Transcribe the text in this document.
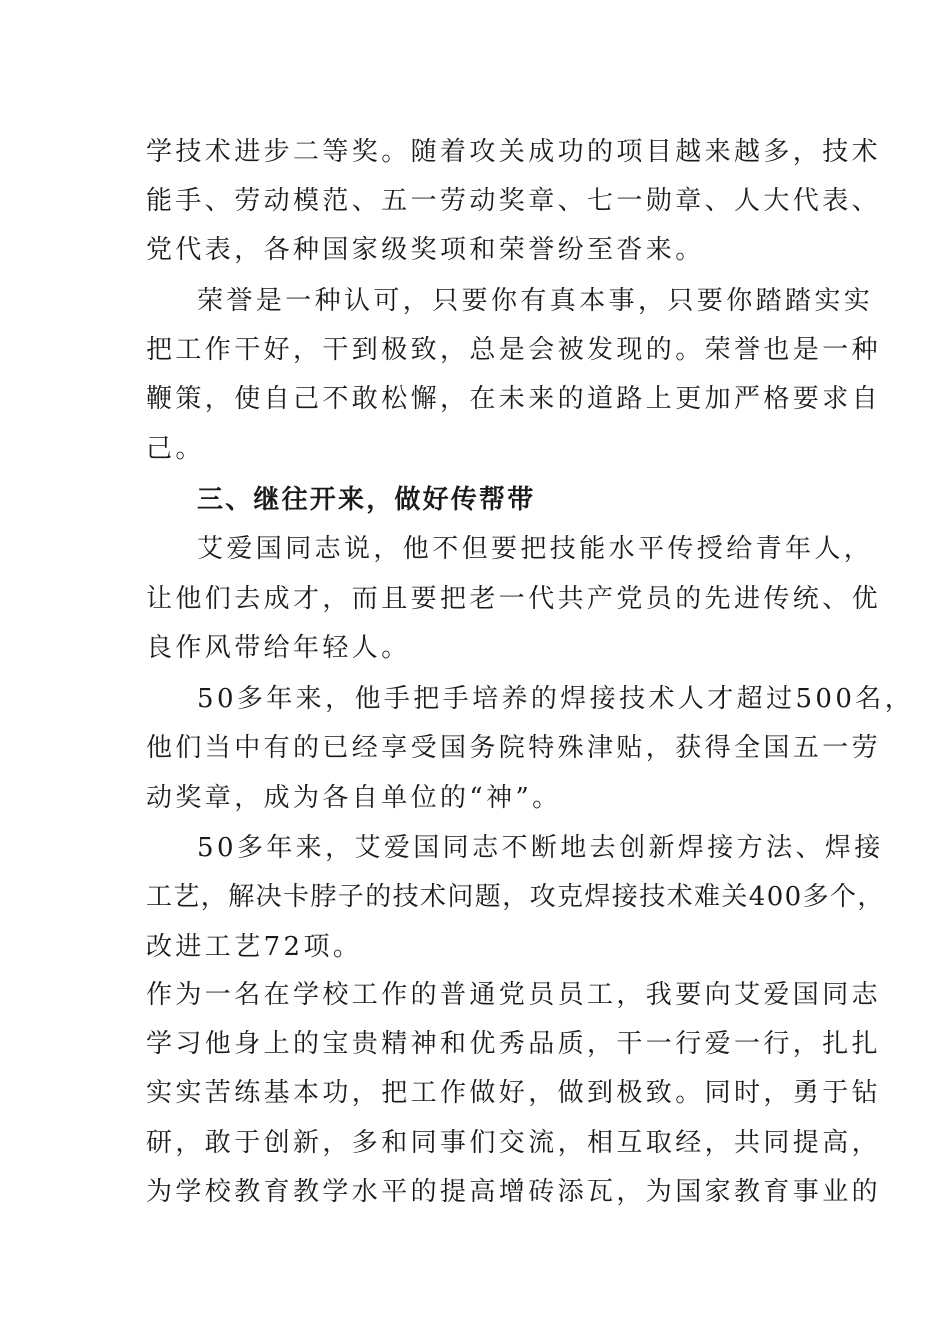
学技术进步二等奖。随着攻关成功的项目越来越多，技术
能手、劳动模范、五一劳动奖章、七一勋章、人大代表、
党代表，各种国家级奖项和荣誉纷至沓来。
荣誉是一种认可，只要你有真本事，只要你踏踏实实
把工作干好，干到极致，总是会被发现的。荣誉也是一种
鞭策，使自己不敢松懈，在未来的道路上更加严格要求自
己。
三、继往开来，做好传帮带
艾爱国同志说，他不但要把技能水平传授给青年人，
让他们去成才，而且要把老一代共产党员的先进传统、优
良作风带给年轻人。
50多年来，他手把手培养的焊接技术人才超过500名，
他们当中有的已经享受国务院特殊津贴，获得全国五一劳
动奖章，成为各自单位的“神”。
50多年来，艾爱国同志不断地去创新焊接方法、焊接
工艺，解决卡脖子的技术问题，攻克焊接技术难关400多个，
改进工艺72项。
作为一名在学校工作的普通党员员工，我要向艾爱国同志
学习他身上的宝贵精神和优秀品质，干一行爱一行，扎扎
实实苦练基本功，把工作做好，做到极致。同时，勇于钻
研，敢于创新，多和同事们交流，相互取经，共同提高，
为学校教育教学水平的提高增砖添瓦，为国家教育事业的
